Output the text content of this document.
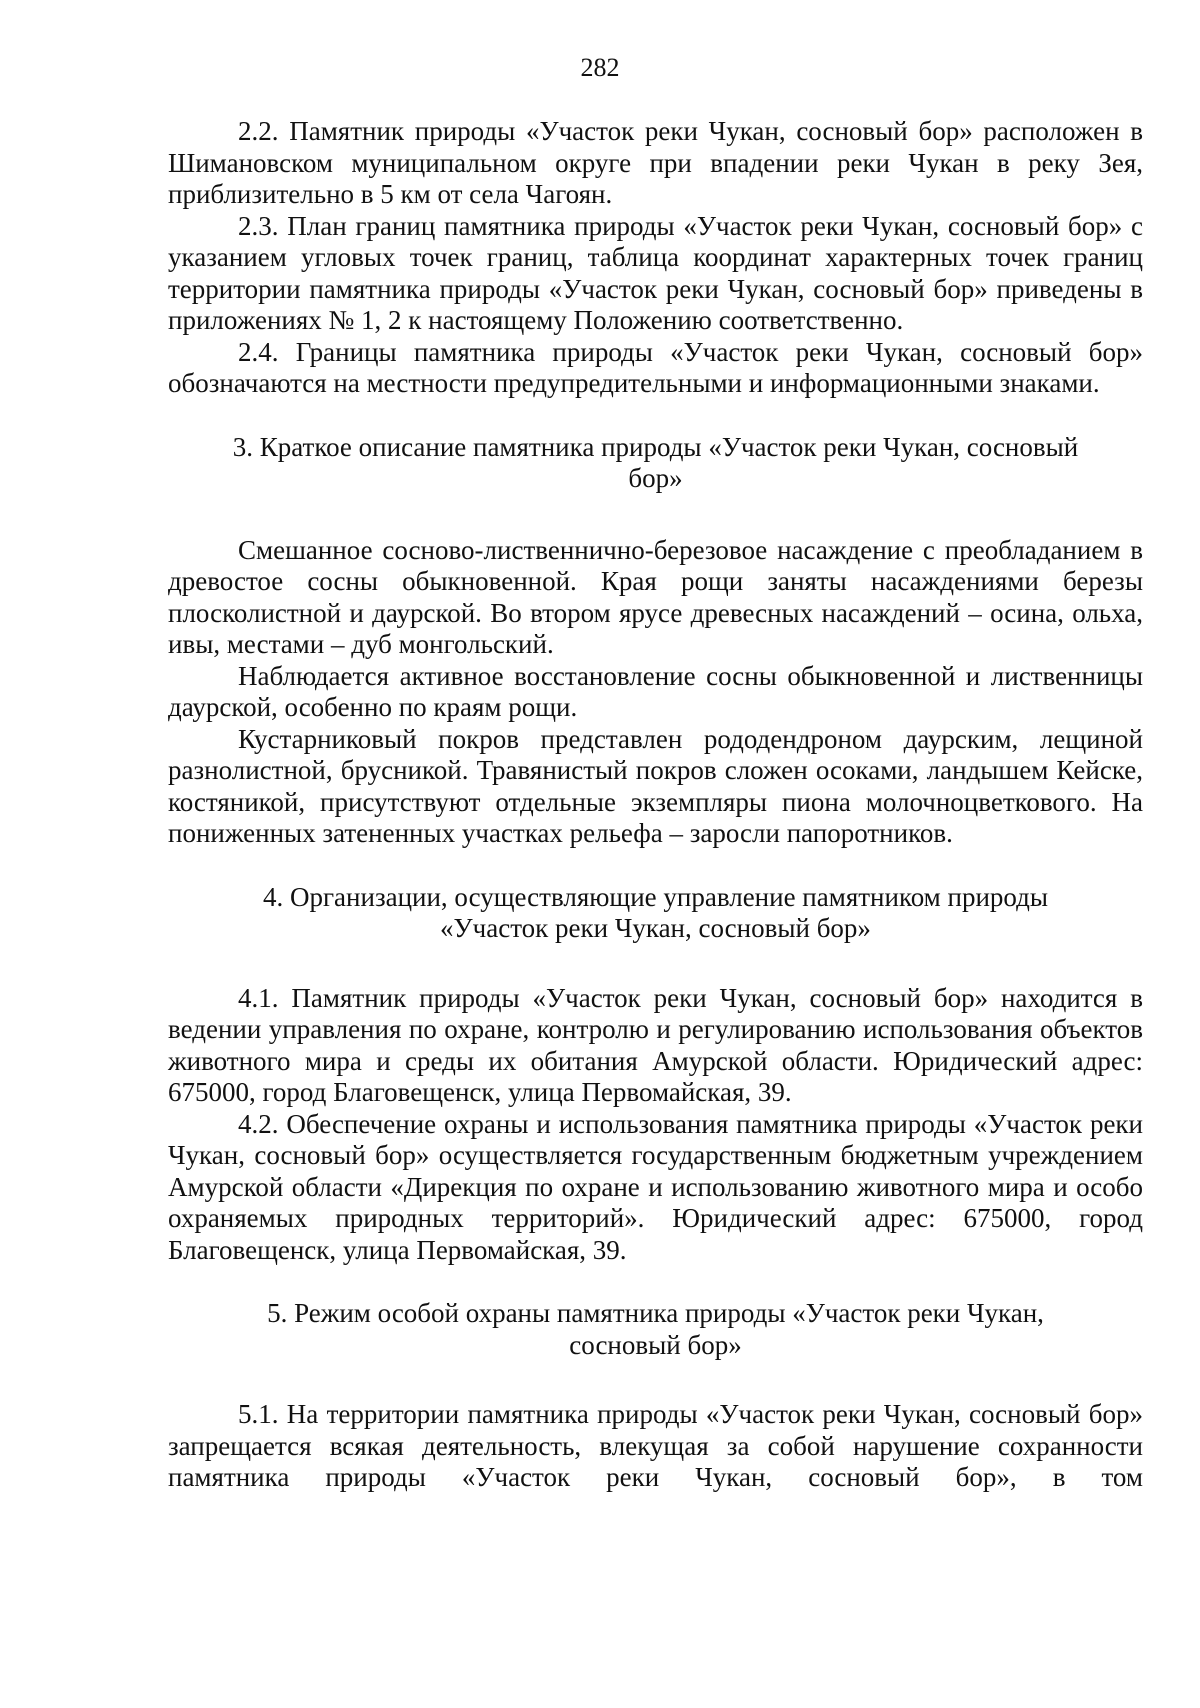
282

2.2. Памятник природы «Участок реки Чукан, сосновый бор» расположен в Шимановском муниципальном округе при впадении реки Чукан в реку Зея, приблизительно в 5 км от села Чагоян.

2.3. План границ памятника природы «Участок реки Чукан, сосновый бор» с указанием угловых точек границ, таблица координат характерных точек границ территории памятника природы «Участок реки Чукан, сосновый бор» приведены в приложениях № 1, 2 к настоящему Положению соответственно.

2.4. Границы памятника природы «Участок реки Чукан, сосновый бор» обозначаются на местности предупредительными и информационными знаками.

3. Краткое описание памятника природы «Участок реки Чукан, сосновый бор»

Смешанное сосново-лиственнично-березовое насаждение с преобладанием в древостое сосны обыкновенной. Края рощи заняты насаждениями березы плосколистной и даурской. Во втором ярусе древесных насаждений – осина, ольха, ивы, местами – дуб монгольский.

Наблюдается активное восстановление сосны обыкновенной и лиственницы даурской, особенно по краям рощи.

Кустарниковый покров представлен рододендроном даурским, лещиной разнолистной, брусникой. Травянистый покров сложен осоками, ландышем Кейске, костяникой, присутствуют отдельные экземпляры пиона молочноцветкового. На пониженных затененных участках рельефа – заросли папоротников.

4. Организации, осуществляющие управление памятником природы «Участок реки Чукан, сосновый бор»

4.1. Памятник природы «Участок реки Чукан, сосновый бор» находится в ведении управления по охране, контролю и регулированию использования объектов животного мира и среды их обитания Амурской области. Юридический адрес: 675000, город Благовещенск, улица Первомайская, 39.

4.2. Обеспечение охраны и использования памятника природы «Участок реки Чукан, сосновый бор» осуществляется государственным бюджетным учреждением Амурской области «Дирекция по охране и использованию животного мира и особо охраняемых природных территорий». Юридический адрес: 675000, город Благовещенск, улица Первомайская, 39.

5. Режим особой охраны памятника природы «Участок реки Чукан, сосновый бор»

5.1. На территории памятника природы «Участок реки Чукан, сосновый бор» запрещается всякая деятельность, влекущая за собой нарушение сохранности памятника природы «Участок реки Чукан, сосновый бор», в том
